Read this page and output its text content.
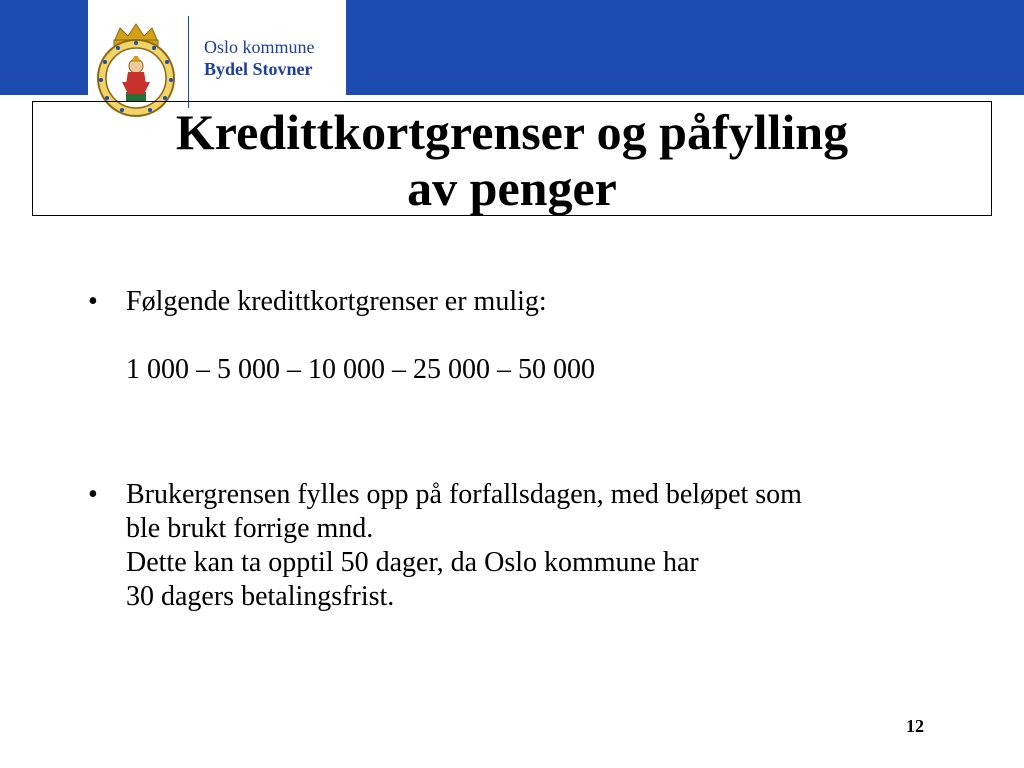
Oslo kommune
Bydel Stovner
Kredittkortgrenser og påfylling
av penger
• Følgende kredittkortgrenser er mulig:

1 000 – 5 000 – 10 000 – 25 000 – 50 000
• Brukergrensen fylles opp på forfallsdagen, med beløpet som
ble brukt forrige mnd.
Dette kan ta opptil 50 dager, da Oslo kommune har
30 dagers betalingsfrist.
12
